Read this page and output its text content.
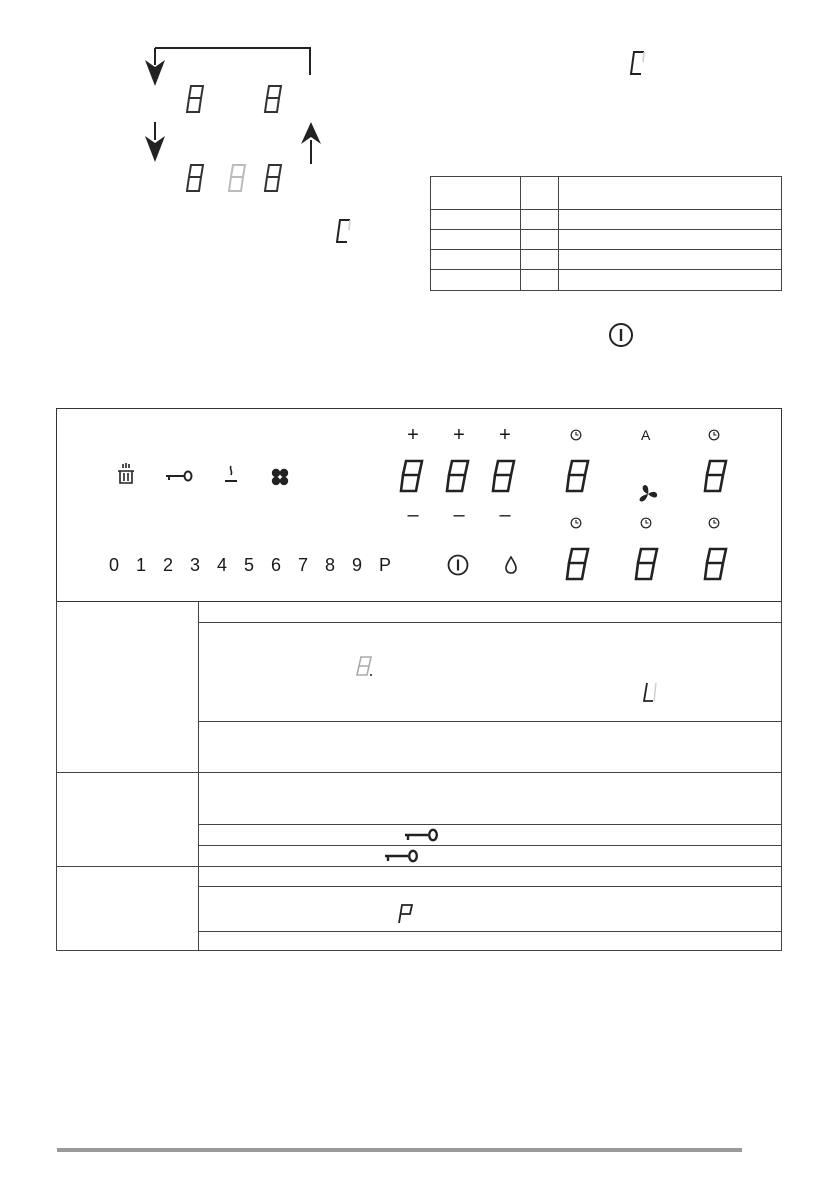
+ + +
– – –
A
0 1 2 3 4 5 6 7 8 9 P
